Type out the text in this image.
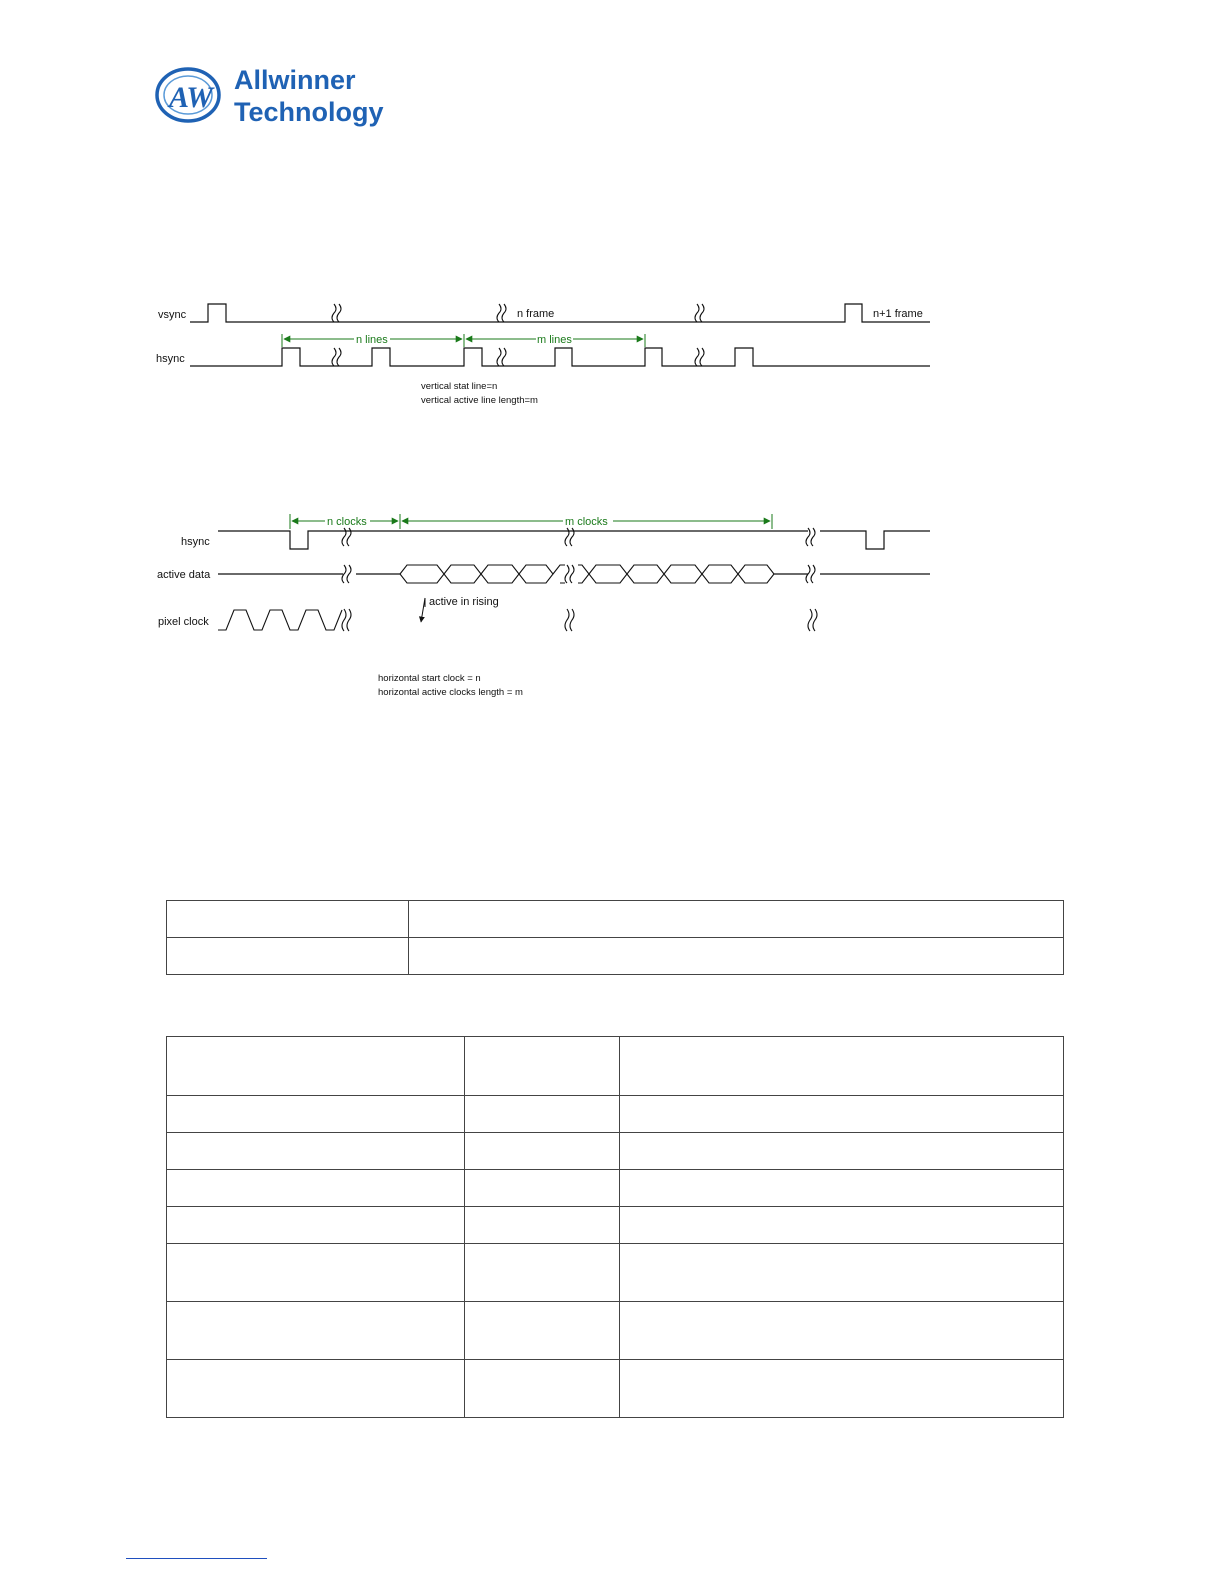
AW
Allwinner
Technology
vsync
hsync
n frame	n+1 frame
n lines	m lines
vertical stat line=n
vertical active line length=m
hsync
active data
pixel clock
n clocks	m clocks
active in rising
horizontal start clock = n
horizontal active clocks length = m
